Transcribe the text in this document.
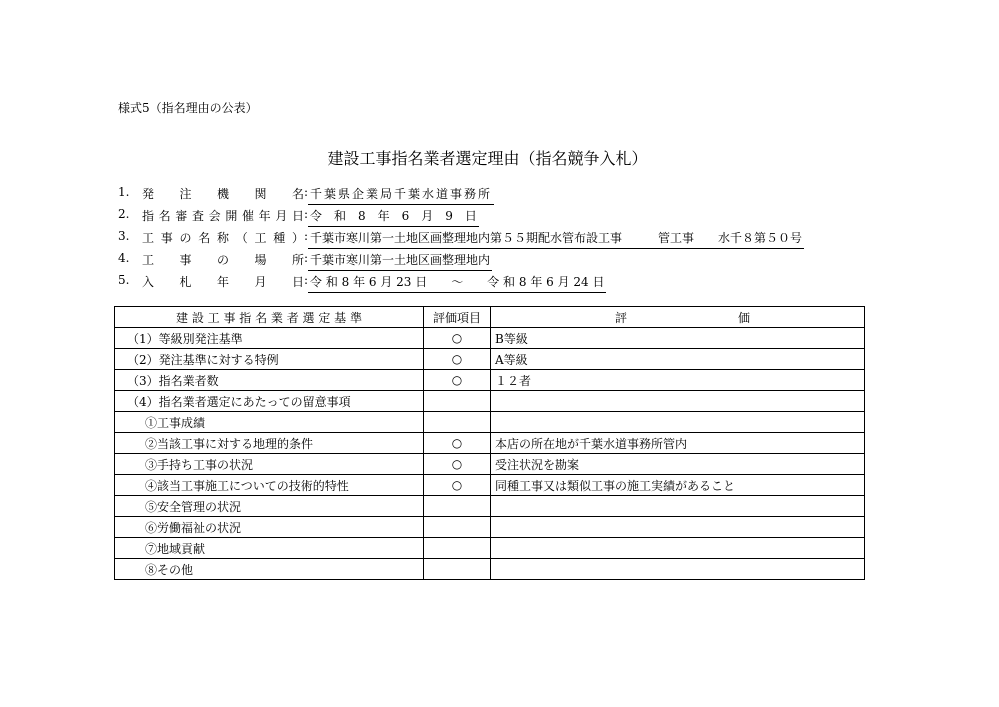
様式5（指名理由の公表）
建設工事指名業者選定理由（指名競争入札）
1.	発注機関名 : 千葉県企業局千葉水道事務所
2.	指名審査会開催年月日 : 令　和　8　年　6　月　9　日
3.	工事の名称（工種） : 千葉市寒川第一土地区画整理地内第５５期配水管布設工事　　　管工事　　水千８第５０号
4.	工事の場所 : 千葉市寒川第一土地区画整理地内
5.	入札年月日 : 令 和 8 年 6 月 23 日　　～　　令 和 8 年 6 月 24 日
建 設 工 事 指 名 業 者 選 定 基 準	評価項目	評 価

（1）等級別発注基準	○	B等級
（2）発注基準に対する特例	○	A等級
（3）指名業者数	○	１２者
（4）指名業者選定にあたっての留意事項		
①工事成績		
②当該工事に対する地理的条件	○	本店の所在地が千葉水道事務所管内
③手持ち工事の状況	○	受注状況を勘案
④該当工事施工についての技術的特性	○	同種工事又は類似工事の施工実績があること
⑤安全管理の状況		
⑥労働福祉の状況		
⑦地域貢献		
⑧その他		
